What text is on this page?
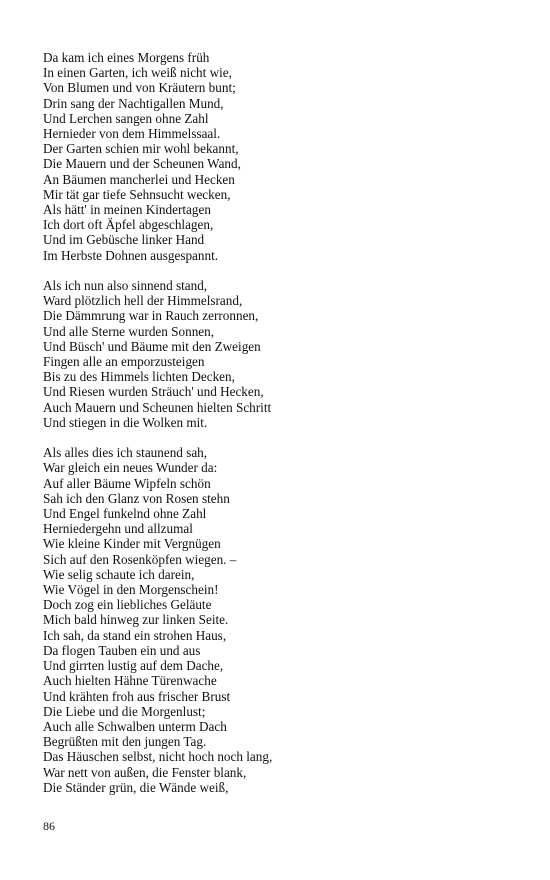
Da kam ich eines Morgens früh
In einen Garten, ich weiß nicht wie,
Von Blumen und von Kräutern bunt;
Drin sang der Nachtigallen Mund,
Und Lerchen sangen ohne Zahl
Hernieder von dem Himmelssaal.
Der Garten schien mir wohl bekannt,
Die Mauern und der Scheunen Wand,
An Bäumen mancherlei und Hecken
Mir tät gar tiefe Sehnsucht wecken,
Als hätt' in meinen Kindertagen
Ich dort oft Äpfel abgeschlagen,
Und im Gebüsche linker Hand
Im Herbste Dohnen ausgespannt.
Als ich nun also sinnend stand,
Ward plötzlich hell der Himmelsrand,
Die Dämmrung war in Rauch zerronnen,
Und alle Sterne wurden Sonnen,
Und Büsch' und Bäume mit den Zweigen
Fingen alle an emporzusteigen
Bis zu des Himmels lichten Decken,
Und Riesen wurden Sträuch' und Hecken,
Auch Mauern und Scheunen hielten Schritt
Und stiegen in die Wolken mit.
Als alles dies ich staunend sah,
War gleich ein neues Wunder da:
Auf aller Bäume Wipfeln schön
Sah ich den Glanz von Rosen stehn
Und Engel funkelnd ohne Zahl
Herniedergehn und allzumal
Wie kleine Kinder mit Vergnügen
Sich auf den Rosenköpfen wiegen. –
Wie selig schaute ich darein,
Wie Vögel in den Morgenschein!
Doch zog ein liebliches Geläute
Mich bald hinweg zur linken Seite.
Ich sah, da stand ein strohen Haus,
Da flogen Tauben ein und aus
Und girrten lustig auf dem Dache,
Auch hielten Hähne Türenwache
Und krähten froh aus frischer Brust
Die Liebe und die Morgenlust;
Auch alle Schwalben unterm Dach
Begrüßten mit den jungen Tag.
Das Häuschen selbst, nicht hoch noch lang,
War nett von außen, die Fenster blank,
Die Ständer grün, die Wände weiß,
86
